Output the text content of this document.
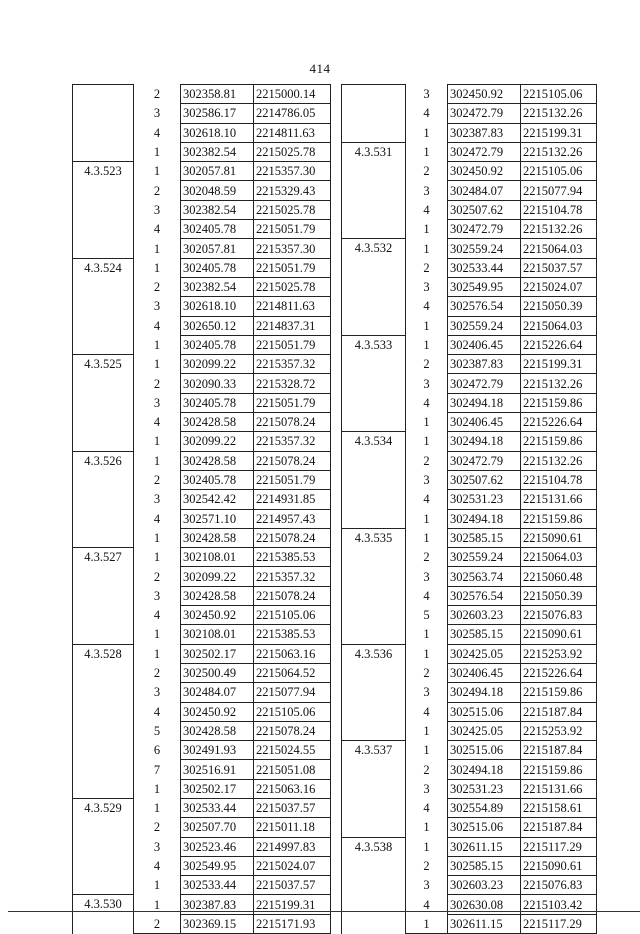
414
	2	302358.81	2215000.14
	3	302586.17	2214786.05
	4	302618.10	2214811.63
	1	302382.54	2215025.78
4.3.523	1	302057.81	2215357.30
	2	302048.59	2215329.43
	3	302382.54	2215025.78
	4	302405.78	2215051.79
	1	302057.81	2215357.30
4.3.524	1	302405.78	2215051.79
	2	302382.54	2215025.78
	3	302618.10	2214811.63
	4	302650.12	2214837.31
	1	302405.78	2215051.79
4.3.525	1	302099.22	2215357.32
	2	302090.33	2215328.72
	3	302405.78	2215051.79
	4	302428.58	2215078.24
	1	302099.22	2215357.32
4.3.526	1	302428.58	2215078.24
	2	302405.78	2215051.79
	3	302542.42	2214931.85
	4	302571.10	2214957.43
	1	302428.58	2215078.24
4.3.527	1	302108.01	2215385.53
	2	302099.22	2215357.32
	3	302428.58	2215078.24
	4	302450.92	2215105.06
	1	302108.01	2215385.53
4.3.528	1	302502.17	2215063.16
	2	302500.49	2215064.52
	3	302484.07	2215077.94
	4	302450.92	2215105.06
	5	302428.58	2215078.24
	6	302491.93	2215024.55
	7	302516.91	2215051.08
	1	302502.17	2215063.16
4.3.529	1	302533.44	2215037.57
	2	302507.70	2215011.18
	3	302523.46	2214997.83
	4	302549.95	2215024.07
	1	302533.44	2215037.57
4.3.530	1	302387.83	2215199.31
	2	302369.15	2215171.93
	3	302450.92	2215105.06
	4	302472.79	2215132.26
	1	302387.83	2215199.31
4.3.531	1	302472.79	2215132.26
	2	302450.92	2215105.06
	3	302484.07	2215077.94
	4	302507.62	2215104.78
	1	302472.79	2215132.26
4.3.532	1	302559.24	2215064.03
	2	302533.44	2215037.57
	3	302549.95	2215024.07
	4	302576.54	2215050.39
	1	302559.24	2215064.03
4.3.533	1	302406.45	2215226.64
	2	302387.83	2215199.31
	3	302472.79	2215132.26
	4	302494.18	2215159.86
	1	302406.45	2215226.64
4.3.534	1	302494.18	2215159.86
	2	302472.79	2215132.26
	3	302507.62	2215104.78
	4	302531.23	2215131.66
	1	302494.18	2215159.86
4.3.535	1	302585.15	2215090.61
	2	302559.24	2215064.03
	3	302563.74	2215060.48
	4	302576.54	2215050.39
	5	302603.23	2215076.83
	1	302585.15	2215090.61
4.3.536	1	302425.05	2215253.92
	2	302406.45	2215226.64
	3	302494.18	2215159.86
	4	302515.06	2215187.84
	1	302425.05	2215253.92
4.3.537	1	302515.06	2215187.84
	2	302494.18	2215159.86
	3	302531.23	2215131.66
	4	302554.89	2215158.61
	1	302515.06	2215187.84
4.3.538	1	302611.15	2215117.29
	2	302585.15	2215090.61
	3	302603.23	2215076.83
	4	302630.08	2215103.42
	1	302611.15	2215117.29
